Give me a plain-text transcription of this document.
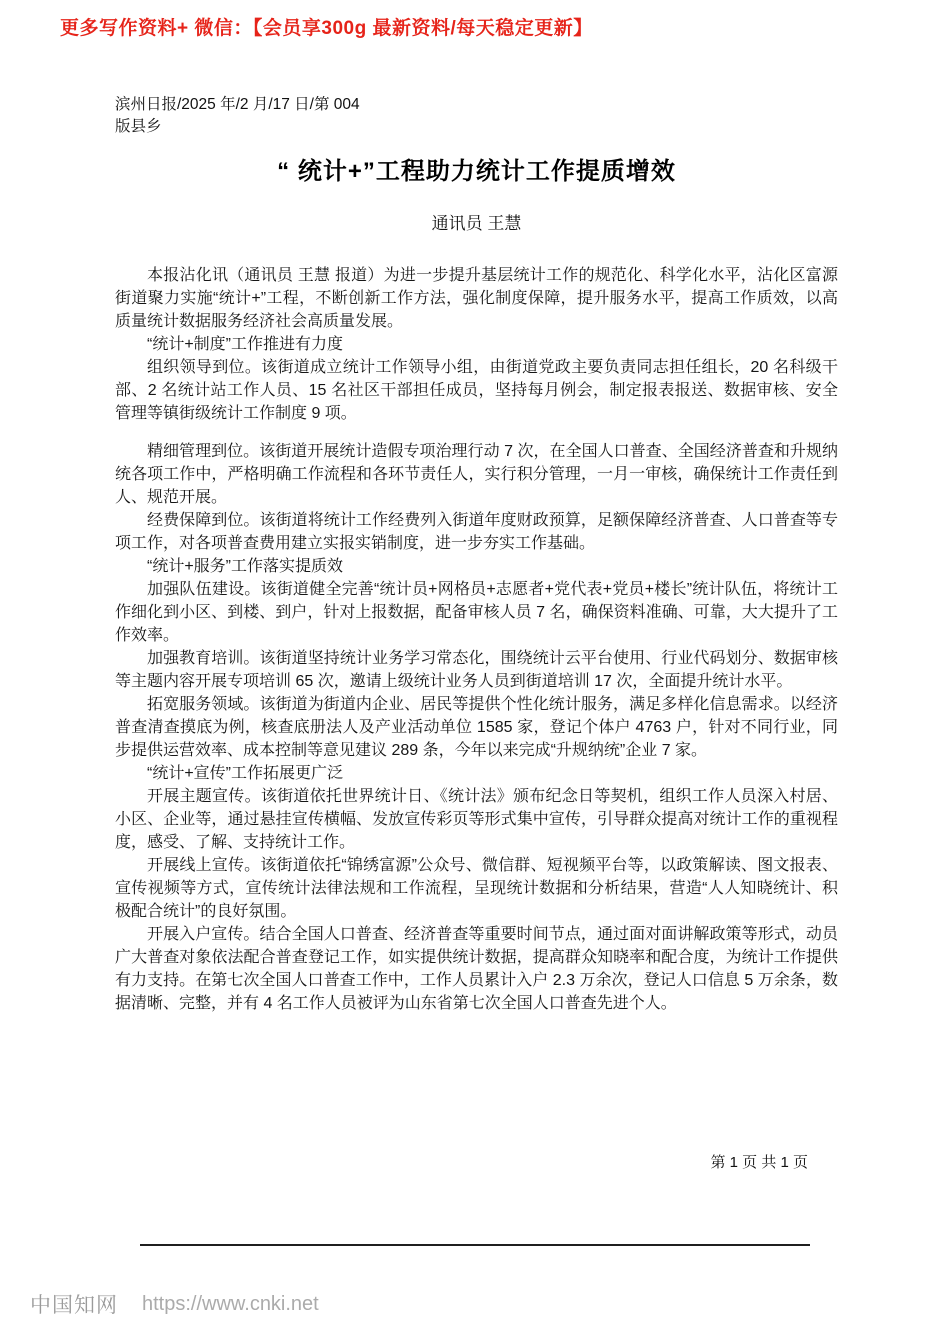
更多写作资料+ 微信：【会员享300g 最新资料/每天稳定更新】
滨州日报/2025 年/2 月/17 日/第 004
版县乡
“ 统计+”工程助力统计工作提质增效
通讯员 王慧

本报沾化讯（通讯员 王慧 报道）为进一步提升基层统计工作的规范化、科学化水平，沾化区富源街道聚力实施“统计+”工程，不断创新工作方法，强化制度保障，提升服务水平，提高工作质效，以高质量统计数据服务经济社会高质量发展。

“统计+制度”工作推进有力度

组织领导到位。该街道成立统计工作领导小组，由街道党政主要负责同志担任组长，20 名科级干部、2 名统计站工作人员、15 名社区干部担任成员，坚持每月例会，制定报表报送、数据审核、安全管理等镇街级统计工作制度 9 项。

精细管理到位。该街道开展统计造假专项治理行动 7 次，在全国人口普查、全国经济普查和升规纳统各项工作中，严格明确工作流程和各环节责任人，实行积分管理，一月一审核，确保统计工作责任到人、规范开展。

经费保障到位。该街道将统计工作经费列入街道年度财政预算，足额保障经济普查、人口普查等专项工作，对各项普查费用建立实报实销制度，进一步夯实工作基础。

“统计+服务”工作落实提质效

加强队伍建设。该街道健全完善“统计员+网格员+志愿者+党代表+党员+楼长”统计队伍，将统计工作细化到小区、到楼、到户，针对上报数据，配备审核人员 7 名，确保资料准确、可靠，大大提升了工作效率。

加强教育培训。该街道坚持统计业务学习常态化，围绕统计云平台使用、行业代码划分、数据审核等主题内容开展专项培训 65 次，邀请上级统计业务人员到街道培训 17 次，全面提升统计水平。

拓宽服务领域。该街道为街道内企业、居民等提供个性化统计服务，满足多样化信息需求。以经济普查清查摸底为例，核查底册法人及产业活动单位 1585 家，登记个体户 4763 户，针对不同行业，同步提供运营效率、成本控制等意见建议 289 条，今年以来完成“升规纳统”企业 7 家。

“统计+宣传”工作拓展更广泛

开展主题宣传。该街道依托世界统计日、《统计法》颁布纪念日等契机，组织工作人员深入村居、小区、企业等，通过悬挂宣传横幅、发放宣传彩页等形式集中宣传，引导群众提高对统计工作的重视程度，感受、了解、支持统计工作。

开展线上宣传。该街道依托“锦绣富源”公众号、微信群、短视频平台等，以政策解读、图文报表、宣传视频等方式，宣传统计法律法规和工作流程，呈现统计数据和分析结果，营造“人人知晓统计、积极配合统计”的良好氛围。

开展入户宣传。结合全国人口普查、经济普查等重要时间节点，通过面对面讲解政策等形式，动员广大普查对象依法配合普查登记工作，如实提供统计数据，提高群众知晓率和配合度，为统计工作提供有力支持。在第七次全国人口普查工作中，工作人员累计入户 2.3 万余次，登记人口信息 5 万余条，数据清晰、完整，并有 4 名工作人员被评为山东省第七次全国人口普查先进个人。

第 1 页 共 1 页
中国知网 https://www.cnki.net
